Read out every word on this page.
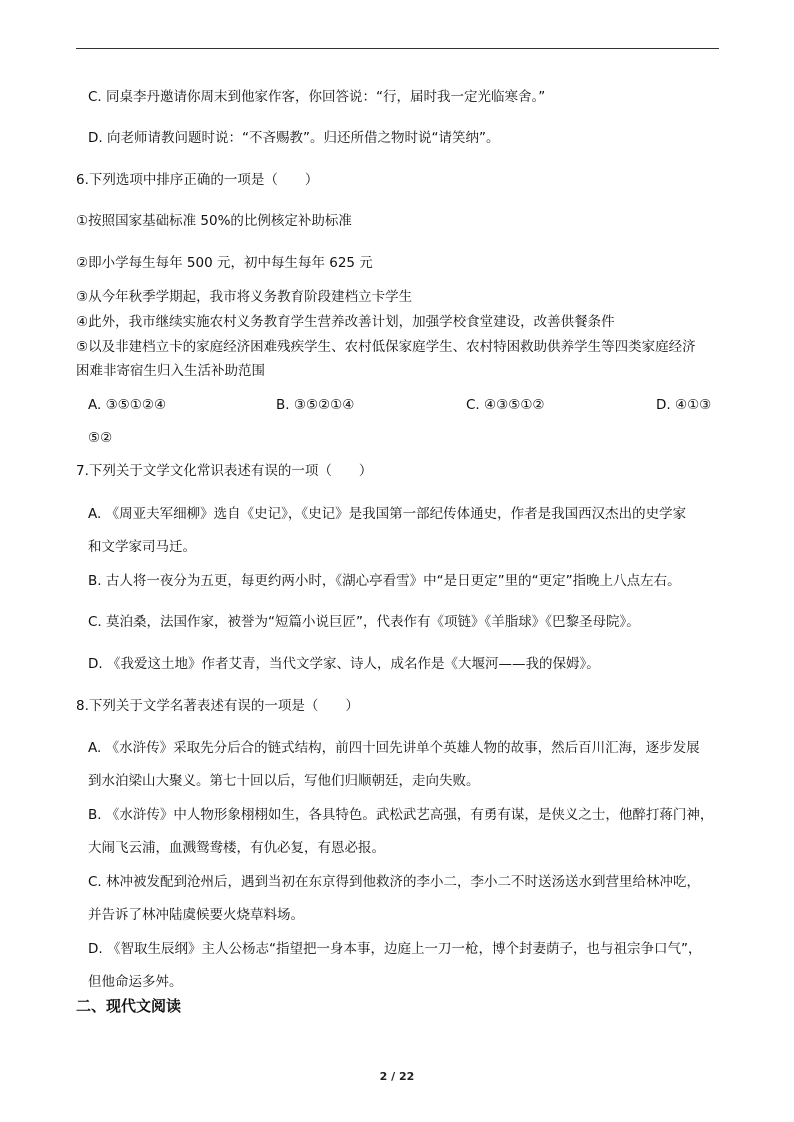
C. 同桌李丹邀请你周末到他家作客，你回答说：“行，届时我一定光临寒舍。”
D. 向老师请教问题时说：“不吝赐教”。归还所借之物时说“请笑纳”。
6.下列选项中排序正确的一项是（　　）
①按照国家基础标准 50%的比例核定补助标准
②即小学每生每年 500 元，初中每生每年 625 元
③从今年秋季学期起，我市将义务教育阶段建档立卡学生
④此外，我市继续实施农村义务教育学生营养改善计划，加强学校食堂建设，改善供餐条件
⑤以及非建档立卡的家庭经济困难残疾学生、农村低保家庭学生、农村特困救助供养学生等四类家庭经济
困难非寄宿生归入生活补助范围
A. ③⑤①②④	B. ③⑤②①④	C. ④③⑤①②	D. ④①③
⑤②
7.下列关于文学文化常识表述有误的一项（　　）
A. 《周亚夫军细柳》选自《史记》，《史记》是我国第一部纪传体通史，作者是我国西汉杰出的史学家
和文学家司马迁。
B. 古人将一夜分为五更，每更约两小时，《湖心亭看雪》中“是日更定”里的“更定”指晚上八点左右。
C. 莫泊桑，法国作家，被誉为“短篇小说巨匠”，代表作有《项链》《羊脂球》《巴黎圣母院》。
D. 《我爱这土地》作者艾青，当代文学家、诗人，成名作是《大堰河——我的保姆》。
8.下列关于文学名著表述有误的一项是（　　）
A. 《水浒传》采取先分后合的链式结构，前四十回先讲单个英雄人物的故事，然后百川汇海，逐步发展
到水泊梁山大聚义。第七十回以后，写他们归顺朝廷，走向失败。
B. 《水浒传》中人物形象栩栩如生，各具特色。武松武艺高强，有勇有谋，是侠义之士，他醉打蒋门神，
大闹飞云浦，血溅鸳鸯楼，有仇必复，有恩必报。
C. 林冲被发配到沧州后，遇到当初在东京得到他救济的李小二，李小二不时送汤送水到营里给林冲吃，
并告诉了林冲陆虞候要火烧草料场。
D. 《智取生辰纲》主人公杨志“指望把一身本事，边庭上一刀一枪，博个封妻荫子，也与祖宗争口气”，
但他命运多舛。
二、现代文阅读
2 / 22
